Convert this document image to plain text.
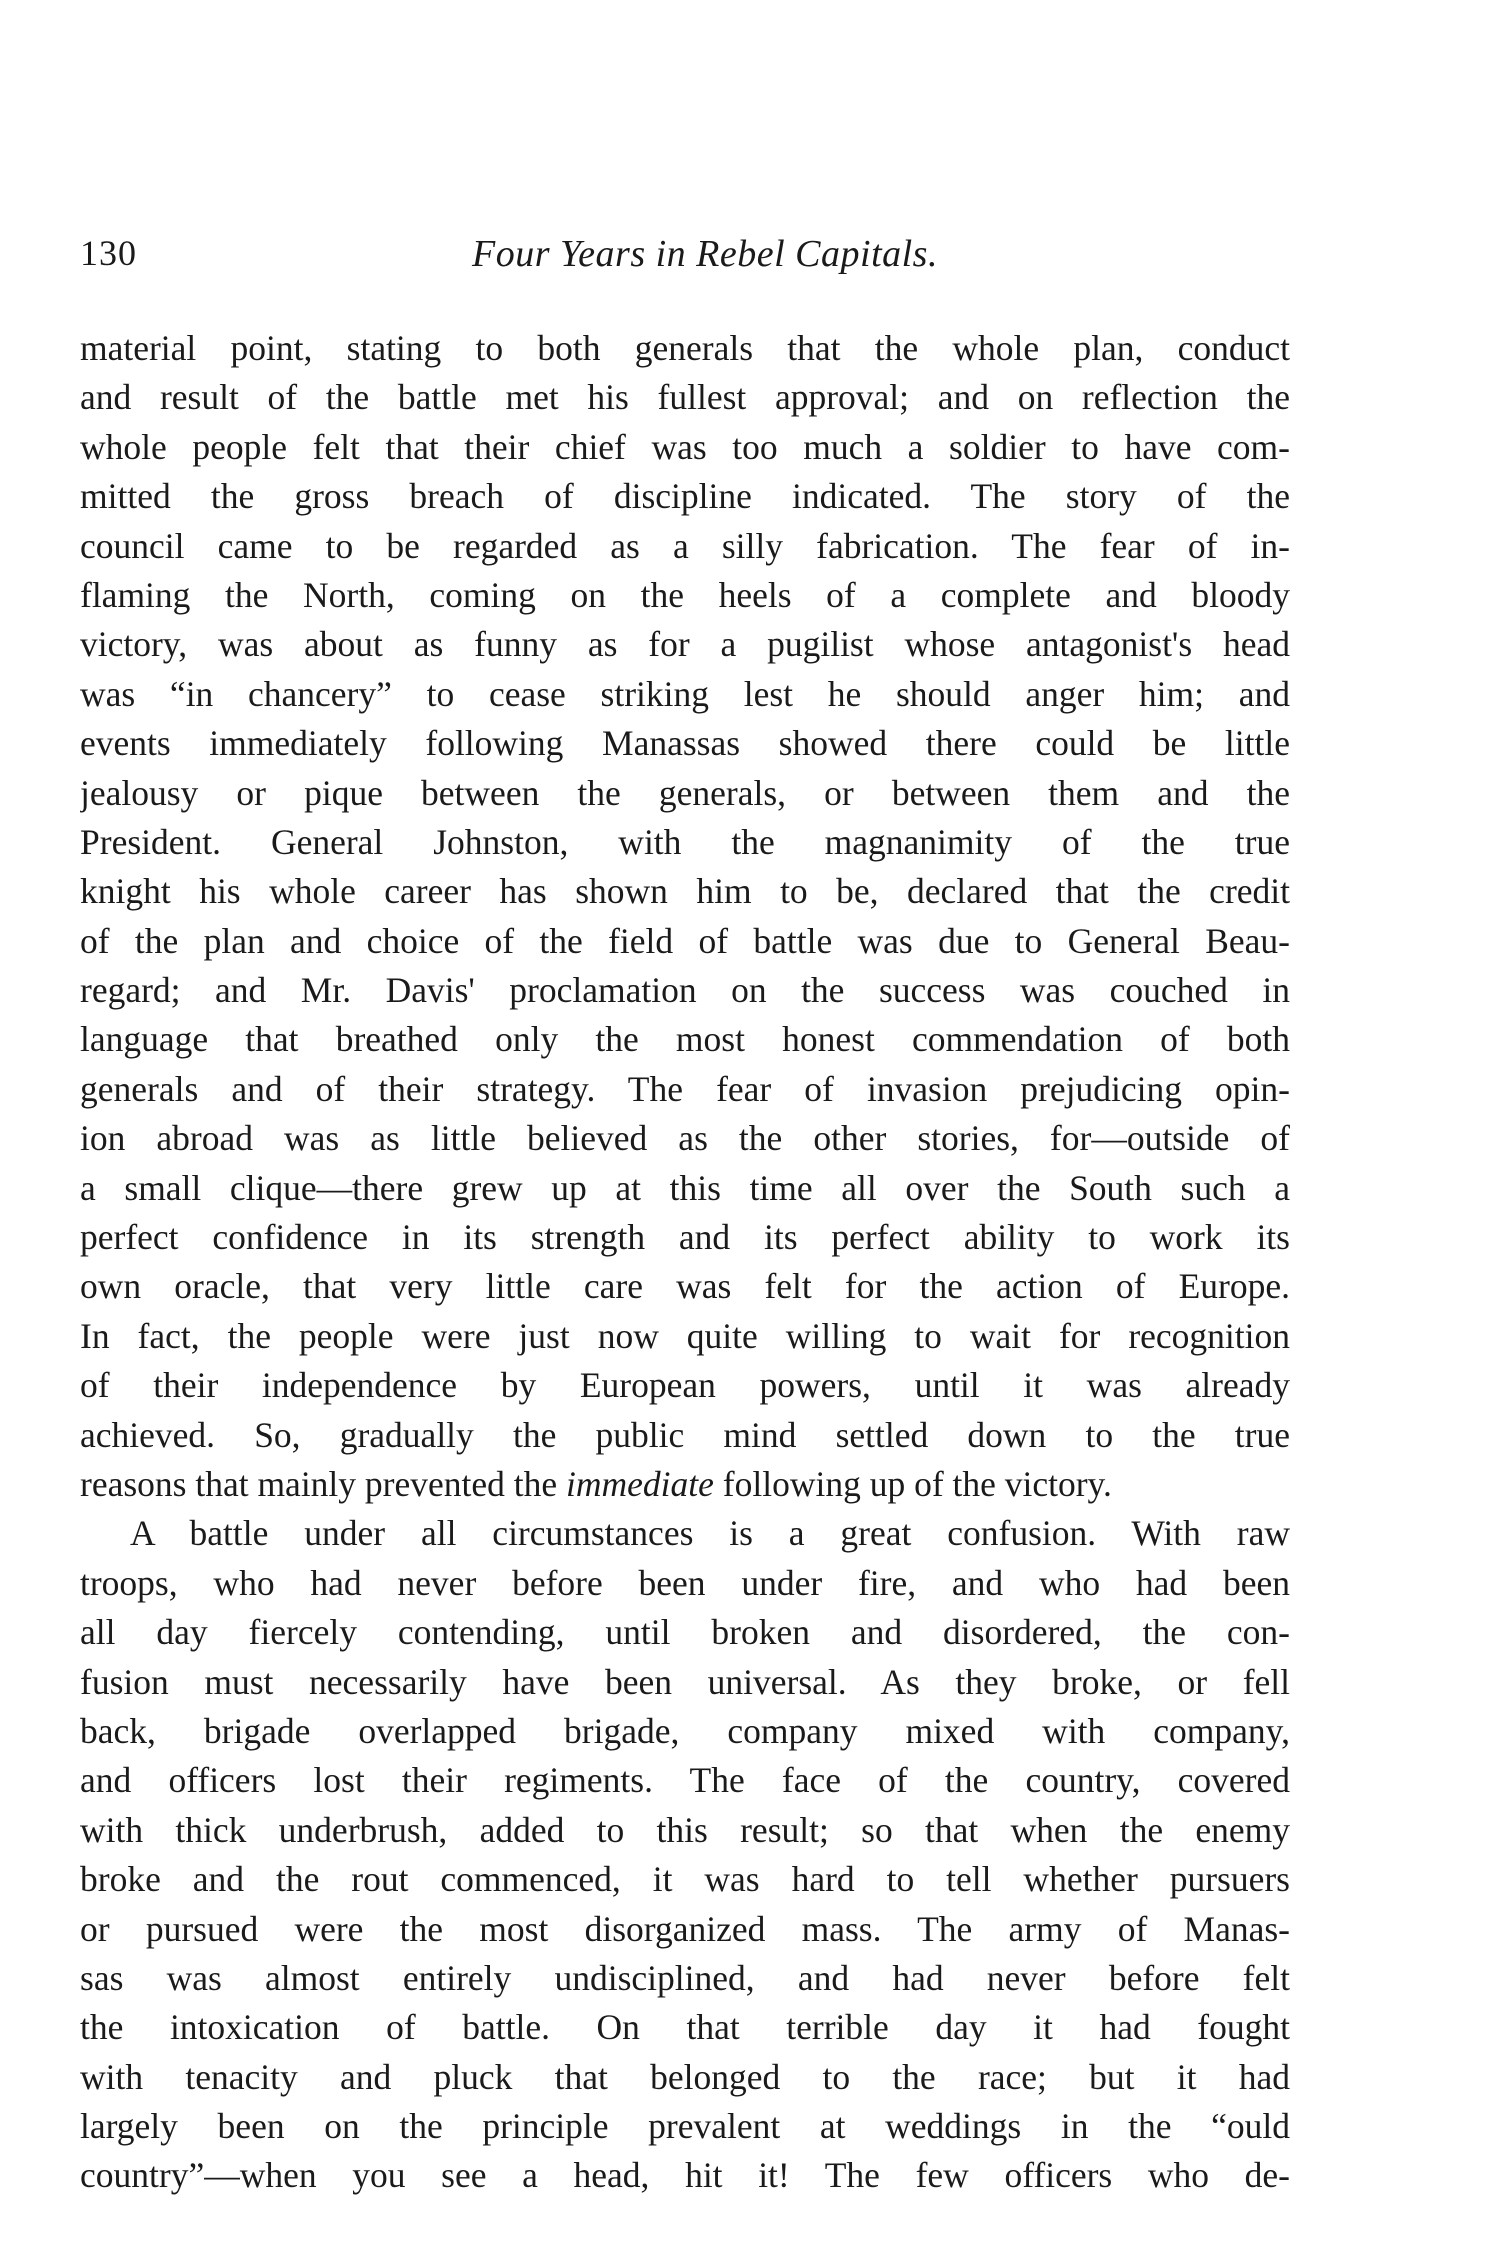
130	Four Years in Rebel Capitals.
material point, stating to both generals that the whole plan, conduct
and result of the battle met his fullest approval; and on reflection the
whole people felt that their chief was too much a soldier to have com-
mitted the gross breach of discipline indicated. The story of the
council came to be regarded as a silly fabrication. The fear of in-
flaming the North, coming on the heels of a complete and bloody
victory, was about as funny as for a pugilist whose antagonist's head
was “in chancery” to cease striking lest he should anger him; and
events immediately following Manassas showed there could be little
jealousy or pique between the generals, or between them and the
President. General Johnston, with the magnanimity of the true
knight his whole career has shown him to be, declared that the credit
of the plan and choice of the field of battle was due to General Beau-
regard; and Mr. Davis' proclamation on the success was couched in
language that breathed only the most honest commendation of both
generals and of their strategy. The fear of invasion prejudicing opin-
ion abroad was as little believed as the other stories, for—outside of
a small clique—there grew up at this time all over the South such a
perfect confidence in its strength and its perfect ability to work its
own oracle, that very little care was felt for the action of Europe.
In fact, the people were just now quite willing to wait for recognition
of their independence by European powers, until it was already
achieved. So, gradually the public mind settled down to the true
reasons that mainly prevented the immediate following up of the victory.
A battle under all circumstances is a great confusion. With raw
troops, who had never before been under fire, and who had been
all day fiercely contending, until broken and disordered, the con-
fusion must necessarily have been universal. As they broke, or fell
back, brigade overlapped brigade, company mixed with company,
and officers lost their regiments. The face of the country, covered
with thick underbrush, added to this result; so that when the enemy
broke and the rout commenced, it was hard to tell whether pursuers
or pursued were the most disorganized mass. The army of Manas-
sas was almost entirely undisciplined, and had never before felt
the intoxication of battle. On that terrible day it had fought
with tenacity and pluck that belonged to the race; but it had
largely been on the principle prevalent at weddings in the “ould
country”—when you see a head, hit it! The few officers who de-
